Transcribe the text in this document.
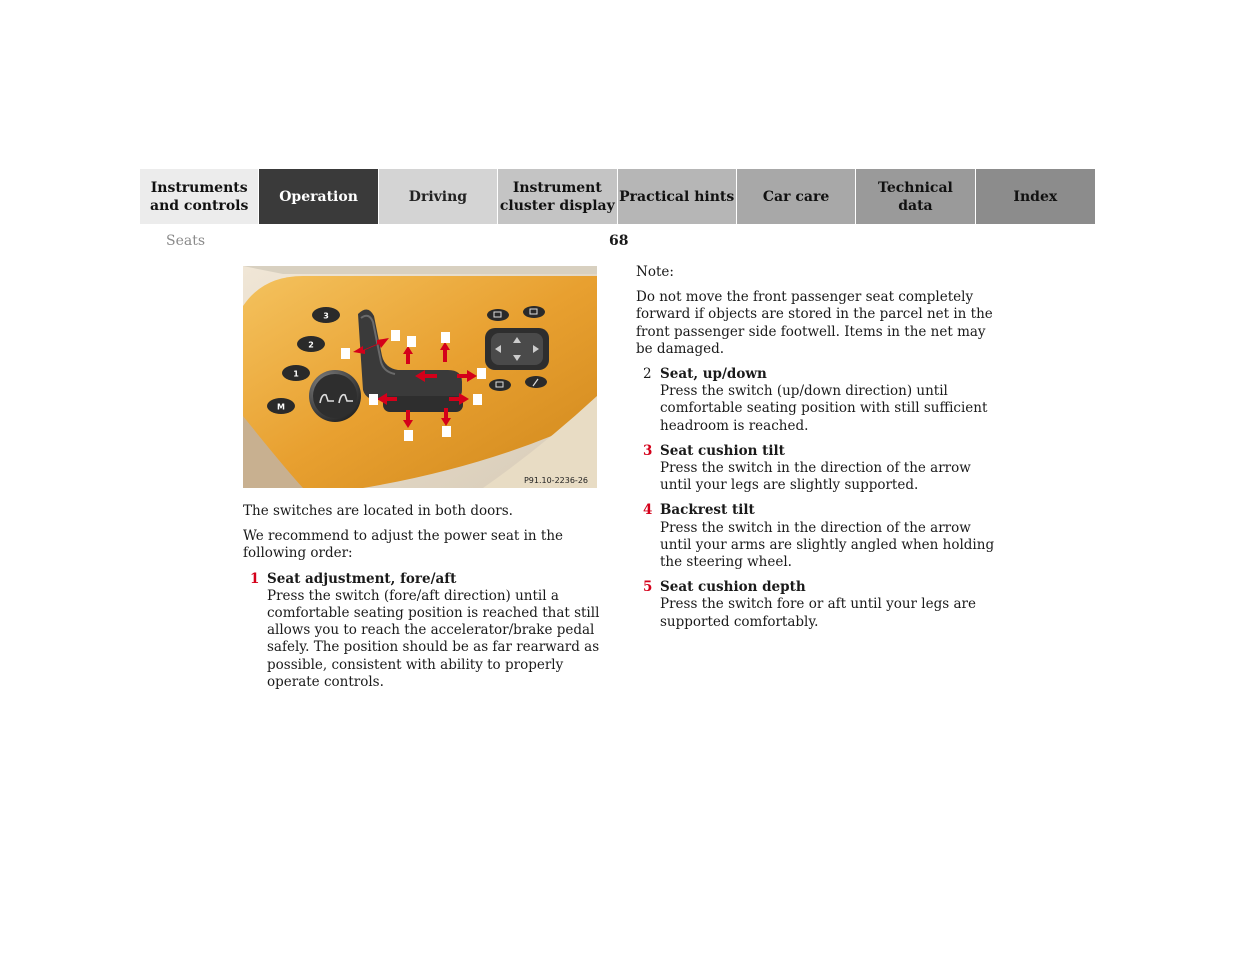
Instruments
and controls
Operation	Driving
Instrument
cluster display
Practical hints	Car care
Technical
data
Index
Seats	68
M
1
2
3
P91.10-2236-26

The switches are located in both doors.

We recommend to adjust the power seat in the following order:

1 Seat adjustment, fore/aft
Press the switch (fore/aft direction) until a comfortable seating position is reached that still allows you to reach the accelerator/brake pedal safely. The position should be as far rearward as possible, consistent with ability to properly operate controls.

Note:

Do not move the front passenger seat completely forward if objects are stored in the parcel net in the front passenger side footwell. Items in the net may be damaged.

2 Seat, up/down
Press the switch (up/down direction) until comfortable seating position with still sufficient headroom is reached.
3 Seat cushion tilt
Press the switch in the direction of the arrow until your legs are slightly supported.
4 Backrest tilt
Press the switch in the direction of the arrow until your arms are slightly angled when holding the steering wheel.
5 Seat cushion depth
Press the switch fore or aft until your legs are supported comfortably.
